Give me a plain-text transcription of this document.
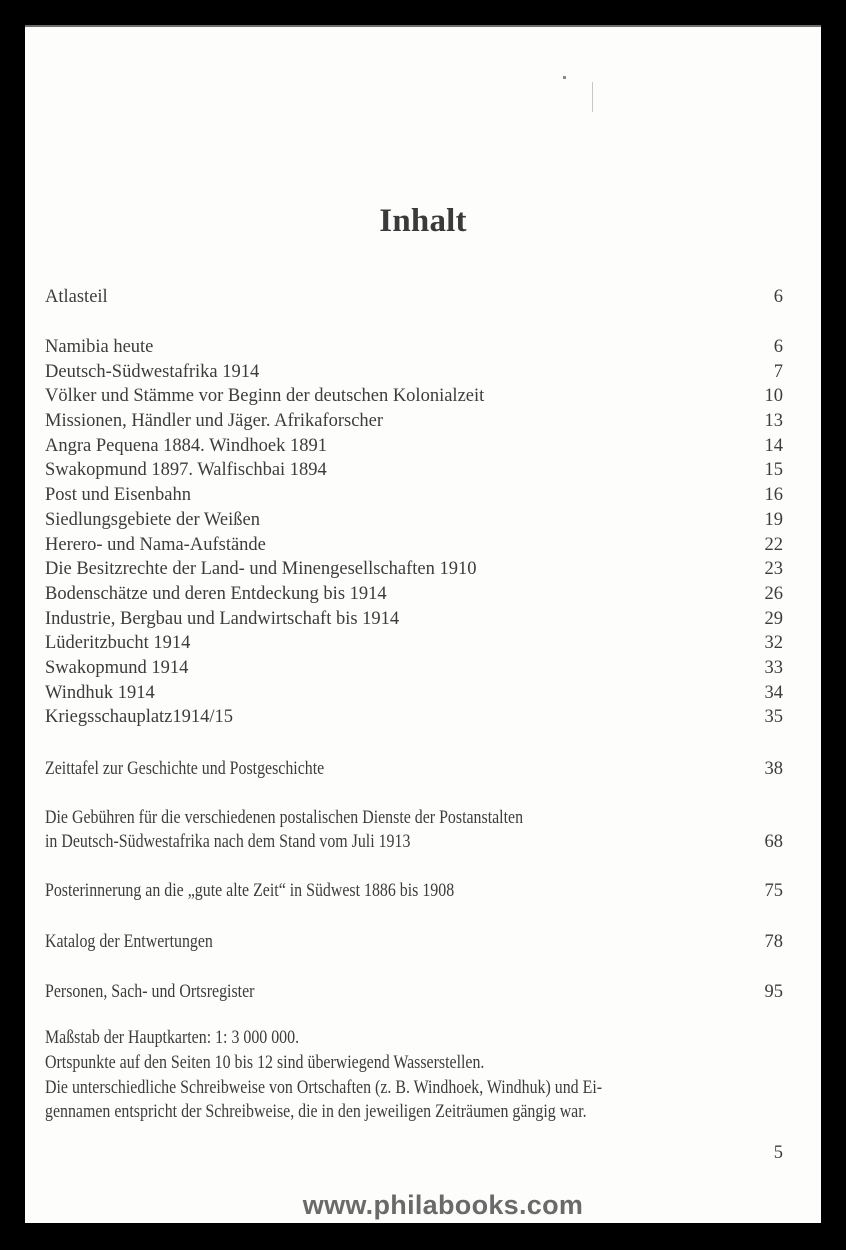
Inhalt
Atlasteil	6
Namibia heute	6
Deutsch-Südwestafrika 1914	7
Völker und Stämme vor Beginn der deutschen Kolonialzeit	10
Missionen, Händler und Jäger. Afrikaforscher	13
Angra Pequena 1884. Windhoek 1891	14
Swakopmund 1897. Walfischbai 1894	15
Post und Eisenbahn	16
Siedlungsgebiete der Weißen	19
Herero- und Nama-Aufstände	22
Die Besitzrechte der Land- und Minengesellschaften 1910	23
Bodenschätze und deren Entdeckung bis 1914	26
Industrie, Bergbau und Landwirtschaft bis 1914	29
Lüderitzbucht 1914	32
Swakopmund 1914	33
Windhuk 1914	34
Kriegsschauplatz1914/15	35
Zeittafel zur Geschichte und Postgeschichte	38
Die Gebühren für die verschiedenen postalischen Dienste der Postanstalten
in Deutsch-Südwestafrika nach dem Stand vom Juli 1913	68
Posterinnerung an die „gute alte Zeit“ in Südwest 1886 bis 1908	75
Katalog der Entwertungen	78
Personen, Sach- und Ortsregister	95
Maßstab der Hauptkarten: 1: 3 000 000.
Ortspunkte auf den Seiten 10 bis 12 sind überwiegend Wasserstellen.
Die unterschiedliche Schreibweise von Ortschaften (z. B. Windhoek, Windhuk) und Ei-
gennamen entspricht der Schreibweise, die in den jeweiligen Zeiträumen gängig war.
5
www.philabooks.com
